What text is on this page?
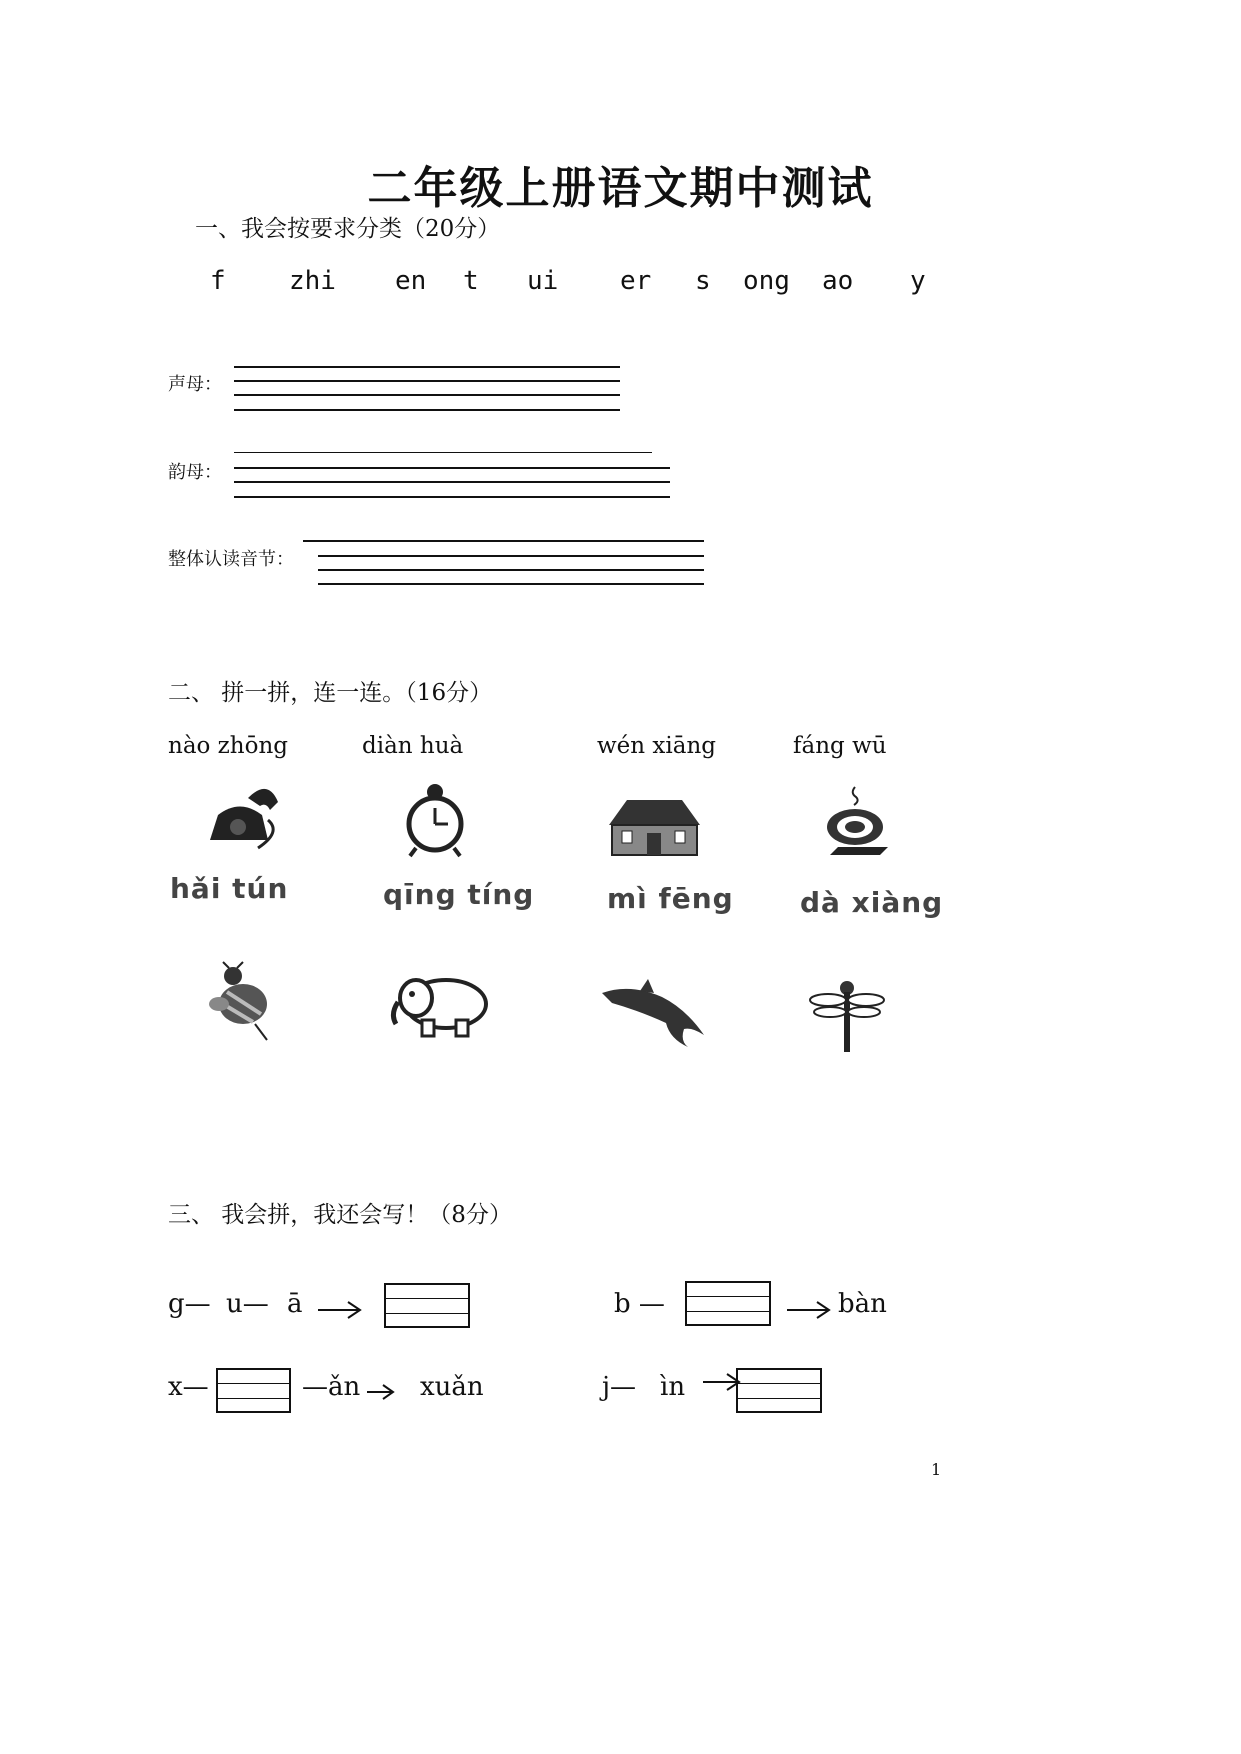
二年级上册语文期中测试
一、我会按要求分类（20分）
f zhi en t ui er s ong ao y
声母：
韵母：
整体认读音节：
二、 拼一拼，连一连。（16分）
nào zhōng	diàn huà	wén xiāng	fáng wū
hǎi tún	qīng tíng	mì fēng dà xiàng
三、 我会拼，我还会写！（8分）
g— u— ā	b —	bàn
x—	—ǎn xuǎn	j— ìn
1
